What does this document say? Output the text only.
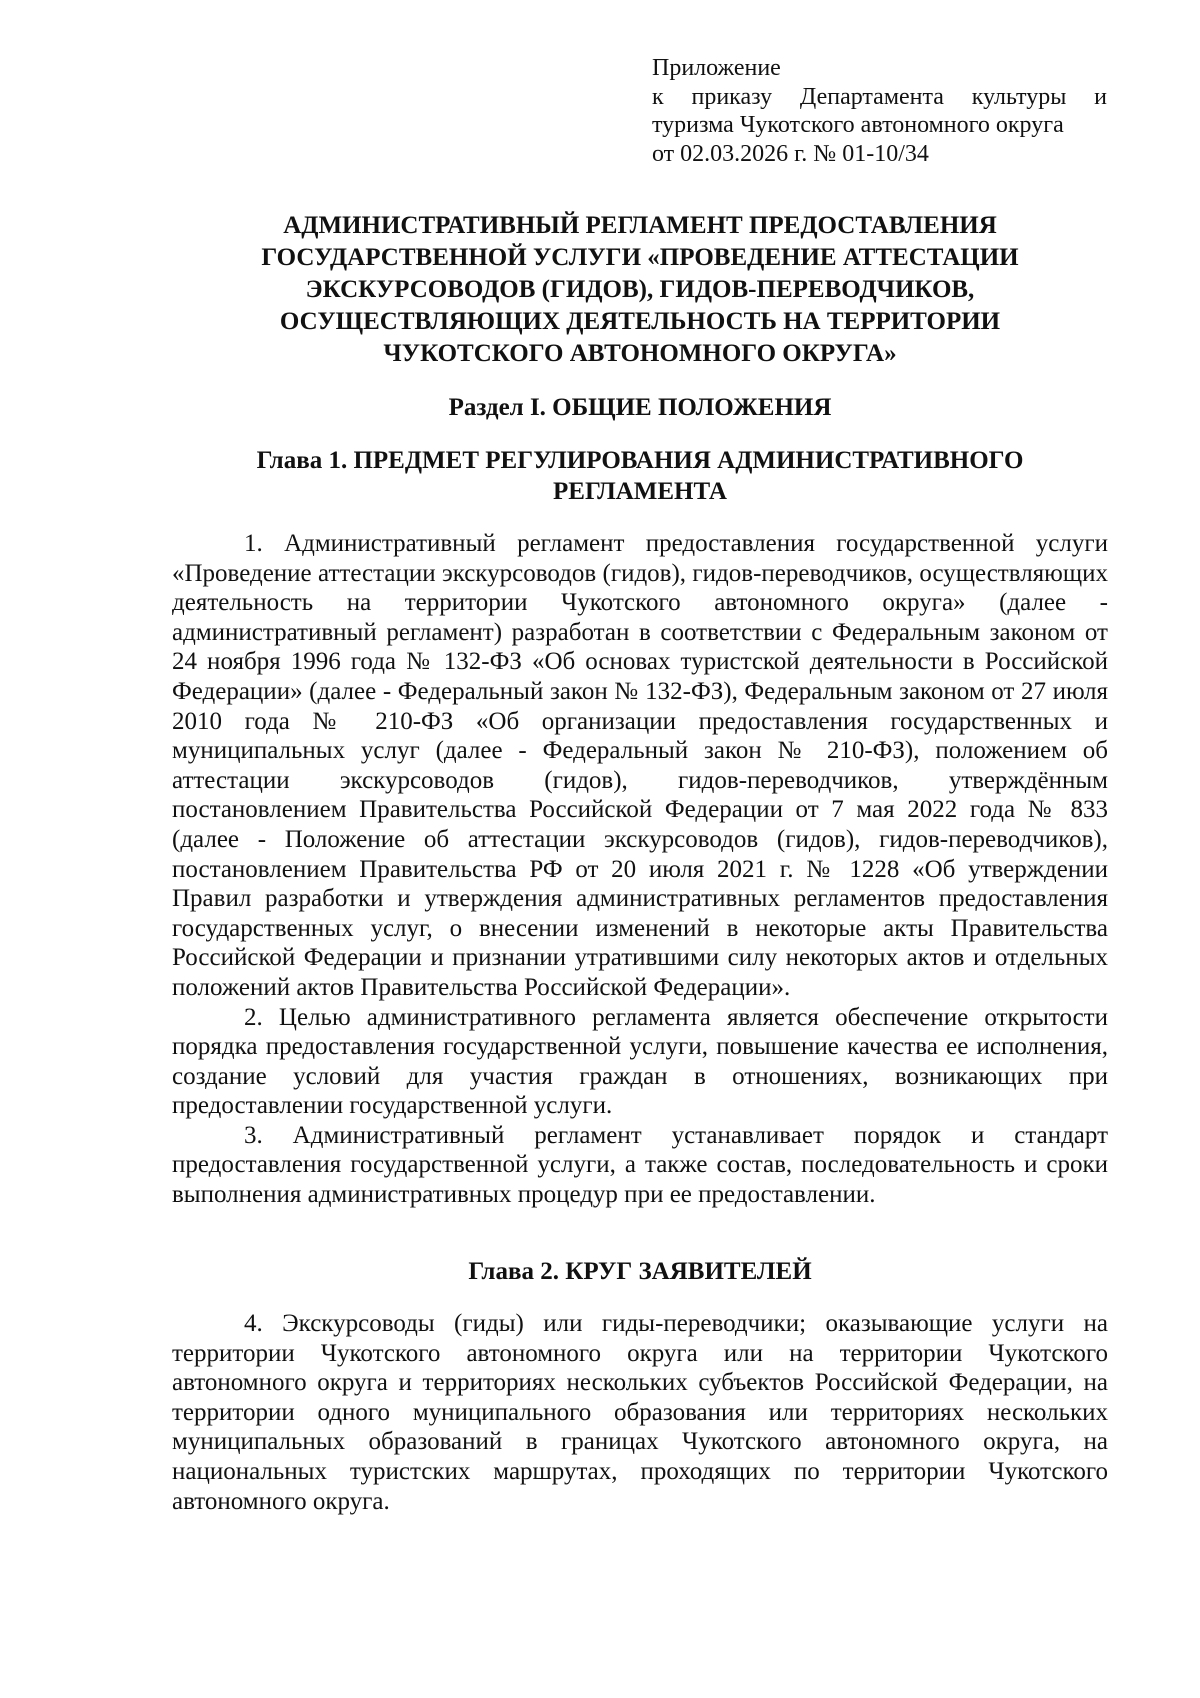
Приложение
к приказу Департамента культуры и
туризма Чукотского автономного округа
от 02.03.2026 г. № 01-10/34
АДМИНИСТРАТИВНЫЙ РЕГЛАМЕНТ ПРЕДОСТАВЛЕНИЯ
ГОСУДАРСТВЕННОЙ УСЛУГИ «ПРОВЕДЕНИЕ АТТЕСТАЦИИ
ЭКСКУРСОВОДОВ (ГИДОВ), ГИДОВ-ПЕРЕВОДЧИКОВ,
ОСУЩЕСТВЛЯЮЩИХ ДЕЯТЕЛЬНОСТЬ НА ТЕРРИТОРИИ
ЧУКОТСКОГО АВТОНОМНОГО ОКРУГА»
Раздел I. ОБЩИЕ ПОЛОЖЕНИЯ
Глава 1. ПРЕДМЕТ РЕГУЛИРОВАНИЯ АДМИНИСТРАТИВНОГО
РЕГЛАМЕНТА

1. Административный регламент предоставления государственной услуги «Проведение аттестации экскурсоводов (гидов), гидов-переводчиков, осуществляющих деятельность на территории Чукотского автономного округа» (далее - административный регламент) разработан в соответствии с Федеральным законом от 24 ноября 1996 года № 132-ФЗ «Об основах туристской деятельности в Российской Федерации» (далее - Федеральный закон № 132-ФЗ), Федеральным законом от 27 июля 2010 года № 210-ФЗ «Об организации предоставления государственных и муниципальных услуг (далее - Федеральный закон № 210-ФЗ), положением об аттестации экскурсоводов (гидов), гидов-переводчиков, утверждённым постановлением Правительства Российской Федерации от 7 мая 2022 года № 833 (далее - Положение об аттестации экскурсоводов (гидов), гидов-переводчиков), постановлением Правительства РФ от 20 июля 2021 г. № 1228 «Об утверждении Правил разработки и утверждения административных регламентов предоставления государственных услуг, о внесении изменений в некоторые акты Правительства Российской Федерации и признании утратившими силу некоторых актов и отдельных положений актов Правительства Российской Федерации».

2. Целью административного регламента является обеспечение открытости порядка предоставления государственной услуги, повышение качества ее исполнения, создание условий для участия граждан в отношениях, возникающих при предоставлении государственной услуги.

3. Административный регламент устанавливает порядок и стандарт предоставления государственной услуги, а также состав, последовательность и сроки выполнения административных процедур при ее предоставлении.

Глава 2. КРУГ ЗАЯВИТЕЛЕЙ

4. Экскурсоводы (гиды) или гиды-переводчики; оказывающие услуги на территории Чукотского автономного округа или на территории Чукотского автономного округа и территориях нескольких субъектов Российской Федерации, на территории одного муниципального образования или территориях нескольких муниципальных образований в границах Чукотского автономного округа, на национальных туристских маршрутах, проходящих по территории Чукотского автономного округа.
